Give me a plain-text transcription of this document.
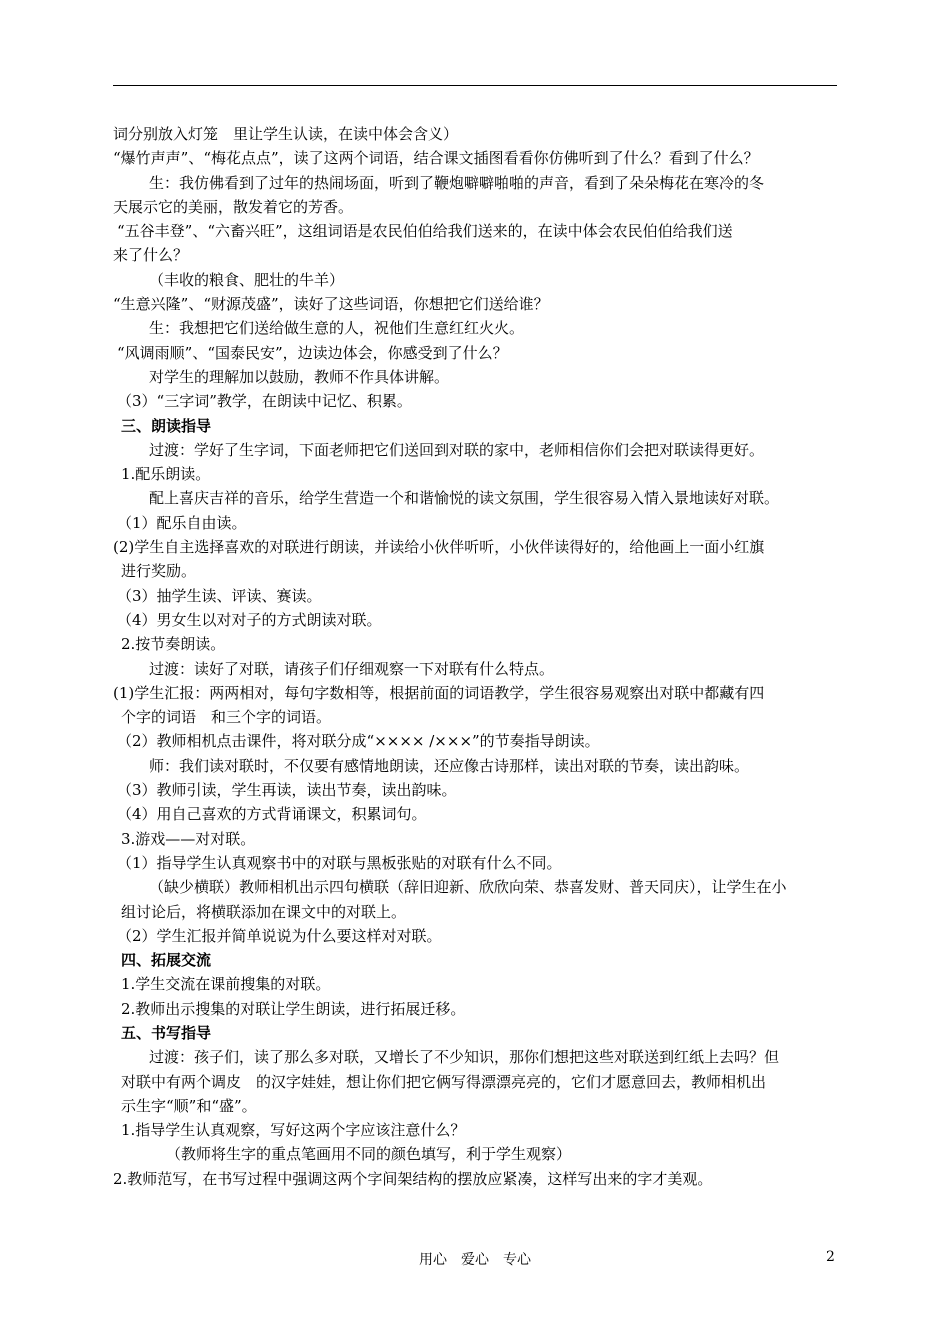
词分别放入灯笼　里让学生认读，在读中体会含义）
“爆竹声声”、“梅花点点”，读了这两个词语，结合课文插图看看你仿佛听到了什么？看到了什么？
生：我仿佛看到了过年的热闹场面，听到了鞭炮噼噼啪啪的声音，看到了朵朵梅花在寒冷的冬
天展示它的美丽，散发着它的芳香。
“五谷丰登”、“六畜兴旺”，这组词语是农民伯伯给我们送来的，在读中体会农民伯伯给我们送
来了什么？
（丰收的粮食、肥壮的牛羊）
“生意兴隆”、“财源茂盛”，读好了这些词语，你想把它们送给谁？
生：我想把它们送给做生意的人，祝他们生意红红火火。
“风调雨顺”、“国泰民安”，边读边体会，你感受到了什么？
对学生的理解加以鼓励，教师不作具体讲解。
（3）“三字词”教学，在朗读中记忆、积累。
三、朗读指导
过渡：学好了生字词，下面老师把它们送回到对联的家中，老师相信你们会把对联读得更好。
1.配乐朗读。
配上喜庆吉祥的音乐，给学生营造一个和谐愉悦的读文氛围，学生很容易入情入景地读好对联。
（1）配乐自由读。
(2)学生自主选择喜欢的对联进行朗读，并读给小伙伴听听，小伙伴读得好的，给他画上一面小红旗
进行奖励。
（3）抽学生读、评读、赛读。
（4）男女生以对对子的方式朗读对联。
2.按节奏朗读。
过渡：读好了对联，请孩子们仔细观察一下对联有什么特点。
(1)学生汇报：两两相对，每句字数相等，根据前面的词语教学，学生很容易观察出对联中都藏有四
个字的词语　和三个字的词语。
（2）教师相机点击课件，将对联分成“×××× /×××”的节奏指导朗读。
师：我们读对联时，不仅要有感情地朗读，还应像古诗那样，读出对联的节奏，读出韵味。
（3）教师引读，学生再读，读出节奏，读出韵味。
（4）用自己喜欢的方式背诵课文，积累词句。
3.游戏——对对联。
（1）指导学生认真观察书中的对联与黑板张贴的对联有什么不同。
（缺少横联）教师相机出示四句横联（辞旧迎新、欣欣向荣、恭喜发财、普天同庆），让学生在小
组讨论后，将横联添加在课文中的对联上。
（2）学生汇报并简单说说为什么要这样对对联。
四、拓展交流
1.学生交流在课前搜集的对联。
2.教师出示搜集的对联让学生朗读，进行拓展迁移。
五、书写指导
过渡：孩子们，读了那么多对联，又增长了不少知识，那你们想把这些对联送到红纸上去吗？但
对联中有两个调皮　的汉字娃娃，想让你们把它俩写得漂漂亮亮的，它们才愿意回去，教师相机出
示生字“顺”和“盛”。
1.指导学生认真观察，写好这两个字应该注意什么？
（教师将生字的重点笔画用不同的颜色填写，利于学生观察）
2.教师范写，在书写过程中强调这两个字间架结构的摆放应紧凑，这样写出来的字才美观。
用心　爱心　专心	2
